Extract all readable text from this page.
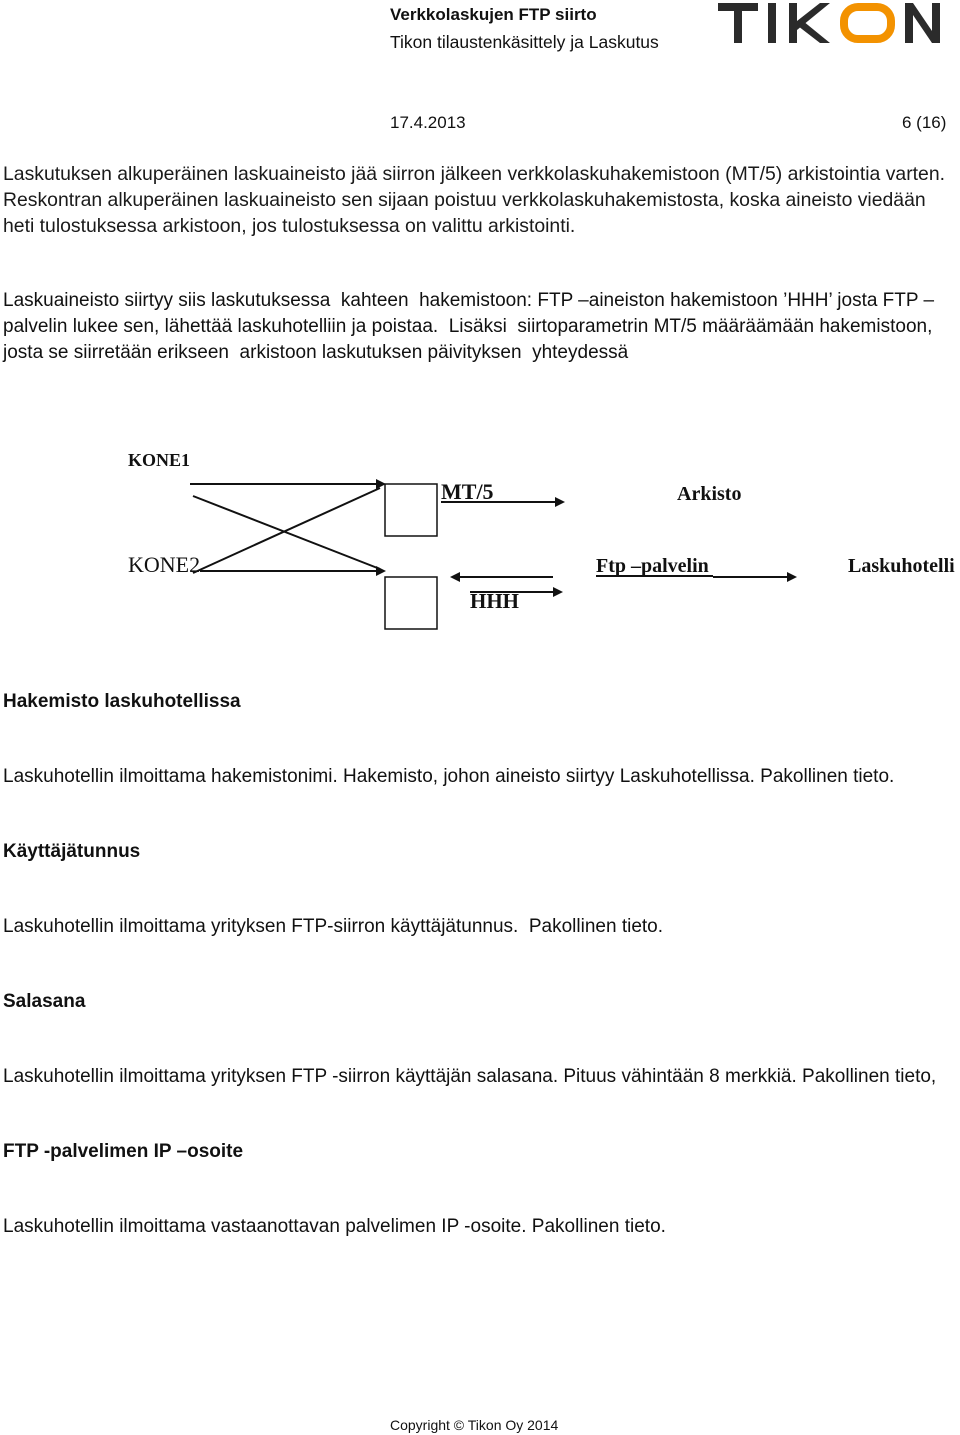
Verkkolaskujen FTP siirto
Tikon tilaustenkäsittely ja Laskutus
17.4.2013	6 (16)
Laskutuksen alkuperäinen laskuaineisto jää siirron jälkeen verkkolaskuhakemistoon (MT/5) arkistointia varten.
Reskontran alkuperäinen laskuaineisto sen sijaan poistuu verkkolaskuhakemistosta, koska aineisto viedään
heti tulostuksessa arkistoon, jos tulostuksessa on valittu arkistointi.
Laskuaineisto siirtyy siis laskutuksessa  kahteen  hakemistoon: FTP –aineiston hakemistoon ’HHH’ josta FTP –
palvelin lukee sen, lähettää laskuhotelliin ja poistaa.  Lisäksi  siirtoparametrin MT/5 määräämään hakemistoon,
josta se siirretään erikseen  arkistoon laskutuksen päivityksen  yhteydessä
KONE1
KONE2
MT/5	Arkisto
Ftp –palvelin	Laskuhotelli
HHH
Hakemisto laskuhotellissa
Laskuhotellin ilmoittama hakemistonimi. Hakemisto, johon aineisto siirtyy Laskuhotellissa. Pakollinen tieto.
Käyttäjätunnus
Laskuhotellin ilmoittama yrityksen FTP-siirron käyttäjätunnus.  Pakollinen tieto.
Salasana
Laskuhotellin ilmoittama yrityksen FTP -siirron käyttäjän salasana. Pituus vähintään 8 merkkiä. Pakollinen tieto,
FTP -palvelimen IP –osoite
Laskuhotellin ilmoittama vastaanottavan palvelimen IP -osoite. Pakollinen tieto.
Copyright © Tikon Oy 2014
